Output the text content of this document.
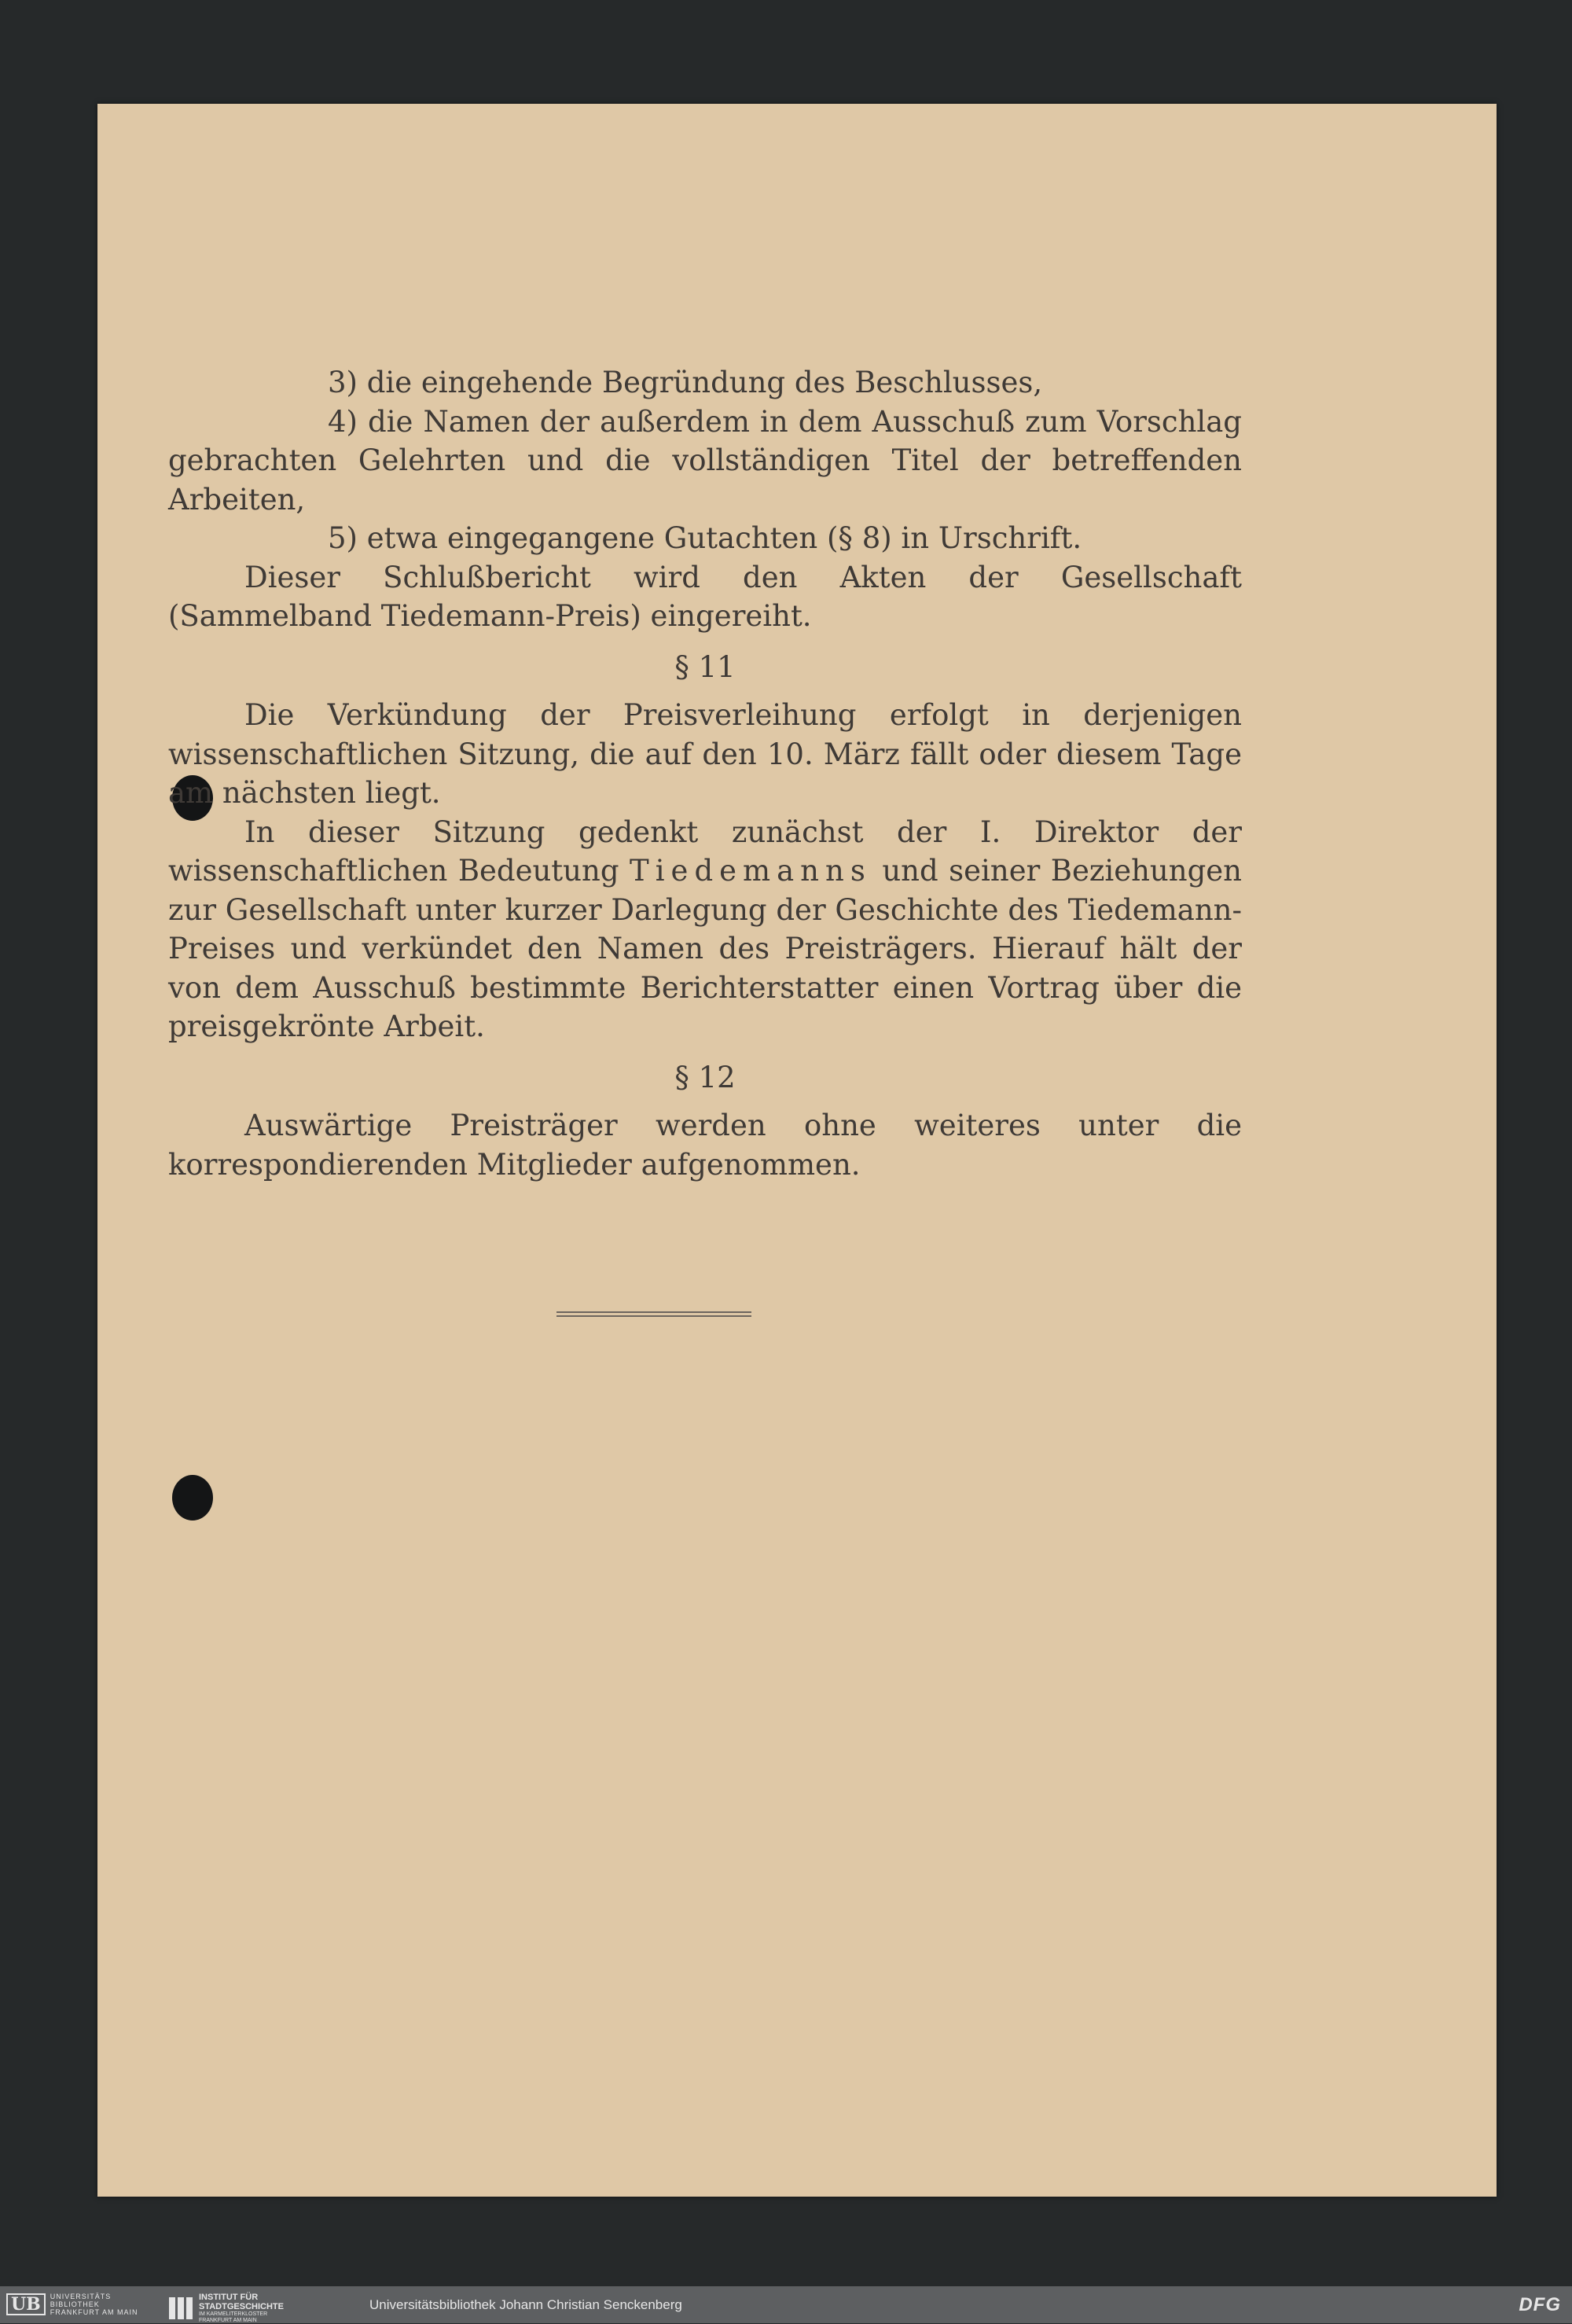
3) die eingehende Begründung des Beschlusses,

4) die Namen der außerdem in dem Ausschuß zum Vorschlag gebrachten Gelehrten und die vollständigen Titel der betreffenden Arbeiten,

5) etwa eingegangene Gutachten (§ 8) in Urschrift.

Dieser Schlußbericht wird den Akten der Gesellschaft (Sammelband Tiedemann-Preis) eingereiht.

§ 11

Die Verkündung der Preisverleihung erfolgt in derjenigen wissenschaftlichen Sitzung, die auf den 10. März fällt oder diesem Tage am nächsten liegt.

In dieser Sitzung gedenkt zunächst der I. Direktor der wissenschaftlichen Bedeutung Tiedemanns und seiner Beziehungen zur Gesellschaft unter kurzer Darlegung der Geschichte des Tiedemann-Preises und verkündet den Namen des Preisträgers. Hierauf hält der von dem Ausschuß bestimmte Berichterstatter einen Vortrag über die preisgekrönte Arbeit.

§ 12

Auswärtige Preisträger werden ohne weiteres unter die korrespondierenden Mitglieder aufgenommen.

UB	UNIVERSITÄTS
BIBLIOTHEK
FRANKFURT AM MAIN
INSTITUT FÜR
STADTGESCHICHTE
IM KARMELITERKLOSTER
FRANKFURT AM MAIN
Universitätsbibliothek Johann Christian Senckenberg	DFG
